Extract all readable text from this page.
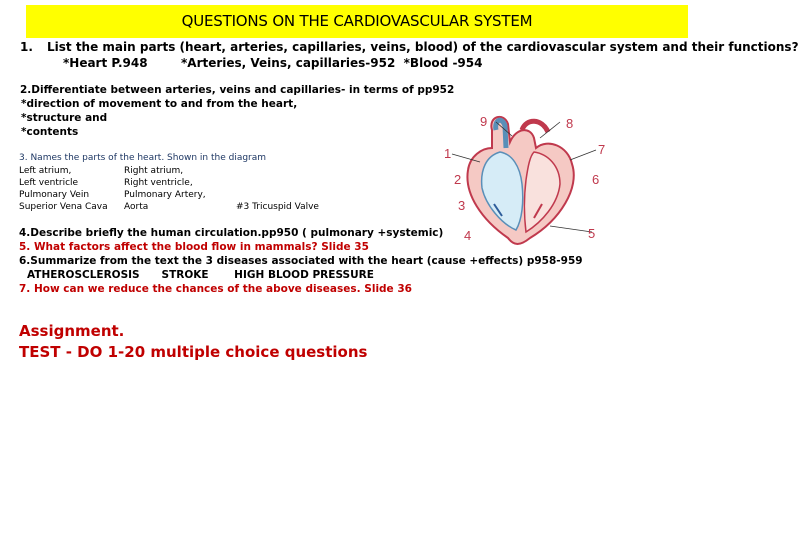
QUESTIONS ON THE CARDIOVASCULAR SYSTEM
1. List the main parts (heart, arteries, capillaries, veins, blood) of the cardiovascular system and their functions?
*Heart P.948        *Arteries, Veins, capillaries-952  *Blood -954
2.Differentiate between arteries, veins and capillaries- in terms of pp952
*direction of movement to and from the heart,
*structure and
*contents
3. Names the parts of the heart. Shown in the diagram
Left atrium,
Left ventricle
Pulmonary Vein
Superior Vena Cava
Right atrium,
Right ventricle,
Pulmonary Artery,
Aorta	#3 Tricuspid Valve
4.Describe briefly the human circulation.pp950 ( pulmonary +systemic)
5. What factors affect the blood flow in mammals? Slide 35
6.Summarize from the text the 3 diseases associated with the heart (cause +effects) p958-959
ATHEROSCLEROSIS      STROKE       HIGH BLOOD PRESSURE
7. How can we reduce the chances of the above diseases. Slide 36
Assignment.
TEST - DO 1-20 multiple choice questions
1
2
3
4	5
6
7
8
9
